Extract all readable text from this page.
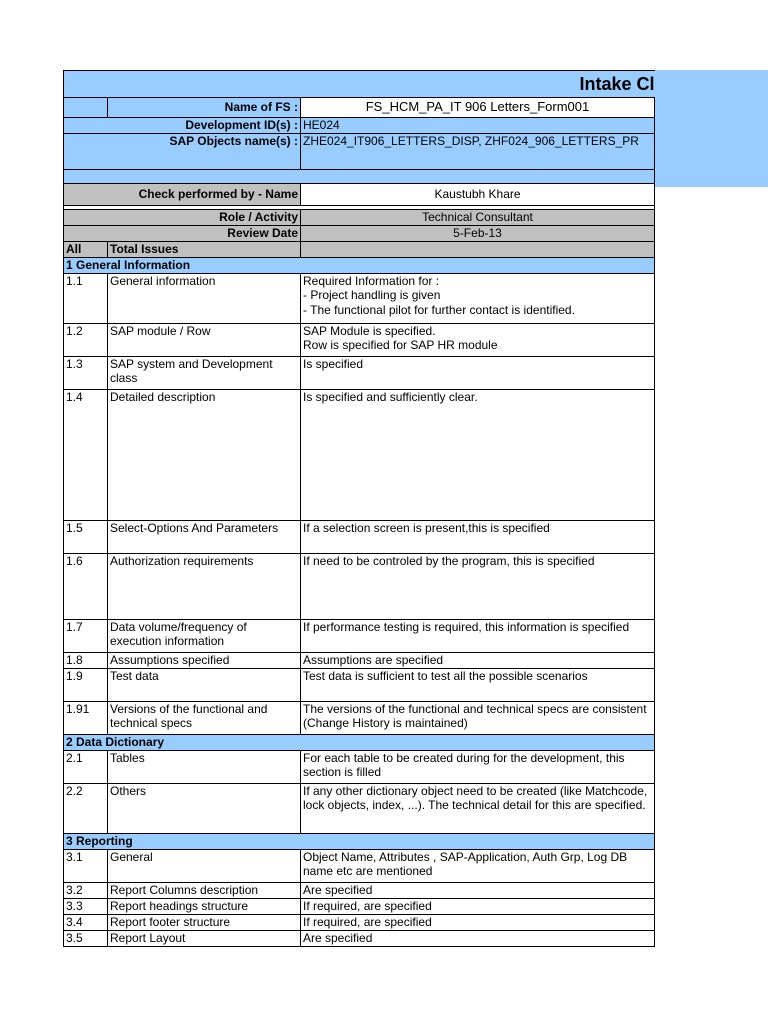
Intake Cl		
	Name of FS :	FS_HCM_PA_IT 906 Letters_Form001
Development ID(s) :		HE024
SAP Objects name(s) :		ZHE024_IT906_LETTERS_DISP, ZHF024_906_LETTERS_PR

Check performed by - Name		Kaustubh Khare

Role / Activity		Technical Consultant
Review Date		5-Feb-13
All	Total Issues	
1 General Information		
1.1	General information	Required Information for :
- Project handling is given
- The functional pilot for further contact is identified.
1.2	SAP module / Row	SAP Module is specified.
Row is specified for SAP HR module
1.3	SAP system and Development class	Is specified
1.4	Detailed description	Is specified and sufficiently clear.
1.5	Select-Options And Parameters	If a selection screen is present,this is specified
1.6	Authorization requirements	If need to be controled by the program, this is specified
1.7	Data volume/frequency of execution information	If performance testing is required, this information is specified
1.8	Assumptions specified	Assumptions are specified
1.9	Test data	Test data is sufficient to test all the possible scenarios
1.91	Versions of the functional and technical specs	The versions of the functional and technical specs are consistent (Change History is maintained)
2 Data Dictionary		
2.1	Tables	For each table to be created during for the development, this section is filled
2.2	Others	If any other dictionary object need to be created (like Matchcode, lock objects, index, ...). The technical detail for this are specified.
3 Reporting		
3.1	General	Object Name, Attributes , SAP-Application, Auth Grp, Log DB name etc are mentioned
3.2	Report Columns description	Are specified
3.3	Report headings structure	If required, are specified
3.4	Report footer structure	If required, are specified
3.5	Report Layout	Are specified
